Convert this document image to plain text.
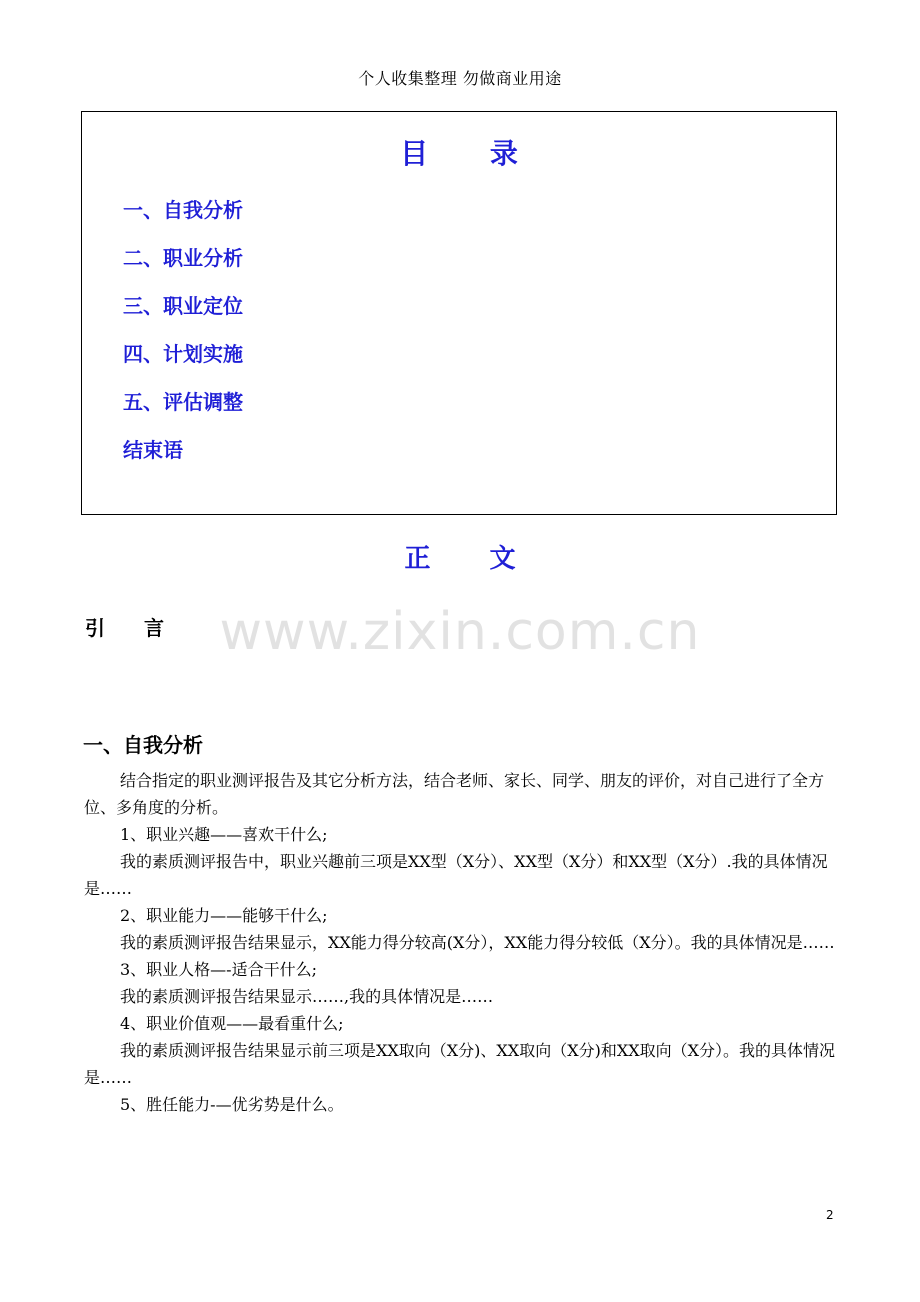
个人收集整理 勿做商业用途
目 录
一、自我分析
二、职业分析
三、职业定位
四、计划实施
五、评估调整
结束语
正 文
www.zixin.com.cn
引 言
一、自我分析

结合指定的职业测评报告及其它分析方法，结合老师、家长、同学、朋友的评价，对自己进行了全方位、多角度的分析。

1、职业兴趣——喜欢干什么;

我的素质测评报告中，职业兴趣前三项是XX型（X分）、XX型（X分）和XX型（X分）.我的具体情况是……

2、职业能力——能够干什么;

我的素质测评报告结果显示，XX能力得分较高(X分），XX能力得分较低（X分）。我的具体情况是……

3、职业人格—-适合干什么;

我的素质测评报告结果显示……,我的具体情况是……

4、职业价值观——最看重什么;

我的素质测评报告结果显示前三项是XX取向（X分)、XX取向（X分)和XX取向（X分）。我的具体情况是……

5、胜任能力-—优劣势是什么。

2
